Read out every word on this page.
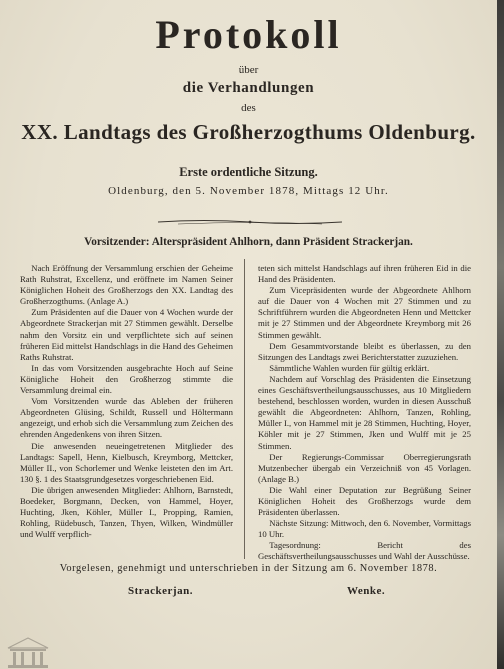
Protokoll
über
die Verhandlungen
des
XX. Landtags des Großherzogthums Oldenburg.
Erste ordentliche Sitzung.
Oldenburg, den 5. November 1878, Mittags 12 Uhr.
Vorsitzender: Alterspräsident Ahlhorn, dann Präsident Strackerjan.

Nach Eröffnung der Versammlung erschien der Geheime Rath Ruhstrat, Excellenz, und eröffnete im Namen Seiner Königlichen Hoheit des Großherzogs den XX. Landtag des Großherzogthums. (Anlage A.)

Zum Präsidenten auf die Dauer von 4 Wochen wurde der Abgeordnete Strackerjan mit 27 Stimmen gewählt. Derselbe nahm den Vorsitz ein und verpflichtete sich auf seinen früheren Eid mittelst Handschlags in die Hand des Geheimen Raths Ruhstrat.

In das vom Vorsitzenden ausgebrachte Hoch auf Seine Königliche Hoheit den Großherzog stimmte die Versammlung dreimal ein.

Vom Vorsitzenden wurde das Ableben der früheren Abgeordneten Glüsing, Schildt, Russell und Höltermann angezeigt, und erhob sich die Versammlung zum Zeichen des ehrenden Angedenkens von ihren Sitzen.

Die anwesenden neueingetretenen Mitglieder des Landtags: Sapell, Henn, Kielbusch, Kreymborg, Mettcker, Müller II., von Schorlemer und Wenke leisteten den im Art. 130 §. 1 des Staatsgrundgesetzes vorgeschriebenen Eid.

Die übrigen anwesenden Mitglieder: Ahlhorn, Barnstedt, Boedeker, Borgmann, Decken, von Hammel, Hoyer, Huchting, Jken, Köhler, Müller I., Propping, Ramien, Rohling, Rüdebusch, Tanzen, Thyen, Wilken, Windmüller und Wulff verpflich-

teten sich mittelst Handschlags auf ihren früheren Eid in die Hand des Präsidenten.

Zum Vicepräsidenten wurde der Abgeordnete Ahlhorn auf die Dauer von 4 Wochen mit 27 Stimmen und zu Schriftführern wurden die Abgeordneten Henn und Mettcker mit je 27 Stimmen und der Abgeordnete Kreymborg mit 26 Stimmen gewählt.

Dem Gesammtvorstande bleibt es überlassen, zu den Sitzungen des Landtags zwei Berichterstatter zuzuziehen.

Sämmtliche Wahlen wurden für gültig erklärt.

Nachdem auf Vorschlag des Präsidenten die Einsetzung eines Geschäftsvertheilungsausschusses, aus 10 Mitgliedern bestehend, beschlossen worden, wurden in diesen Ausschuß gewählt die Abgeordneten: Ahlhorn, Tanzen, Rohling, Müller I., von Hammel mit je 28 Stimmen, Huchting, Hoyer, Köhler mit je 27 Stimmen, Jken und Wulff mit je 25 Stimmen.

Der Regierungs-Commissar Oberregierungsrath Mutzenbecher übergab ein Verzeichniß von 45 Vorlagen. (Anlage B.)

Die Wahl einer Deputation zur Begrüßung Seiner Königlichen Hoheit des Großherzogs wurde dem Präsidenten überlassen.

Nächste Sitzung: Mittwoch, den 6. November, Vormittags 10 Uhr.

Tagesordnung: Bericht des Geschäftsvertheilungsausschusses und Wahl der Ausschüsse.

Vorgelesen, genehmigt und unterschrieben in der Sitzung am 6. November 1878.
Strackerjan.	Wenke.
